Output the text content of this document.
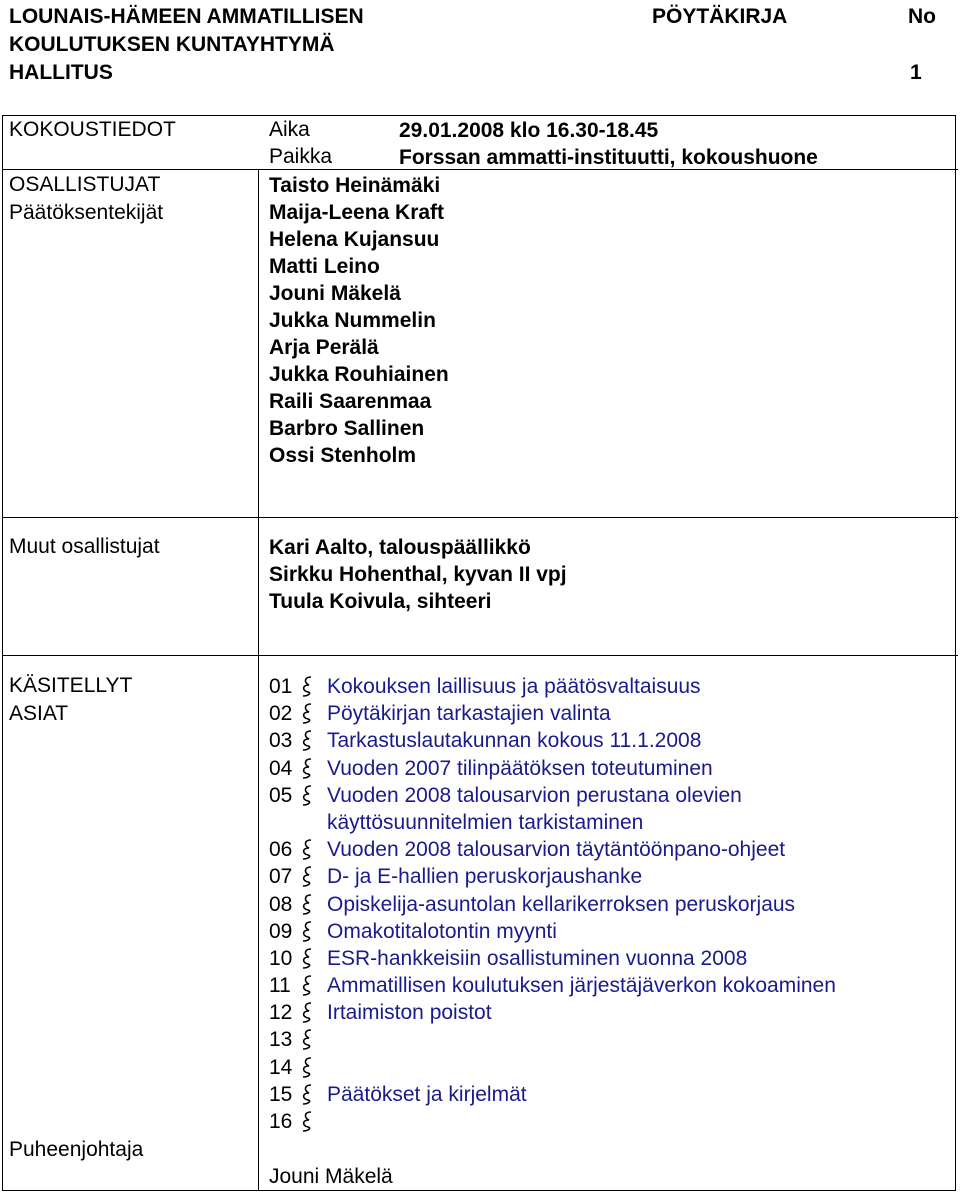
LOUNAIS-HÄMEEN AMMATILLISEN
KOULUTUKSEN KUNTAYHTYMÄ
HALLITUS
PÖYTÄKIRJA	No
1
KOKOUSTIEDOT	Aika	29.01.2008 klo 16.30-18.45
Paikka	Forssan ammatti-instituutti, kokoushuone
OSALLISTUJAT
Päätöksentekijät
Taisto Heinämäki
Maija-Leena Kraft
Helena Kujansuu
Matti Leino
Jouni Mäkelä
Jukka Nummelin
Arja Perälä
Jukka Rouhiainen
Raili Saarenmaa
Barbro Sallinen
Ossi Stenholm
Muut osallistujat	Kari Aalto, talouspäällikkö
Sirkku Hohenthal, kyvan II vpj
Tuula Koivula, sihteeri
KÄSITELLYT
ASIAT
01 Kokouksen laillisuus ja päätösvaltaisuus
02 Pöytäkirjan tarkastajien valinta
03 Tarkastuslautakunnan kokous 11.1.2008
04 Vuoden 2007 tilinpäätöksen toteutuminen
05 Vuoden 2008 talousarvion perustana olevien
käyttösuunnitelmien tarkistaminen
06 Vuoden 2008 talousarvion täytäntöönpano-ohjeet
07 D- ja E-hallien peruskorjaushanke
08 Opiskelija-asuntolan kellarikerroksen peruskorjaus
09 Omakotitalotontin myynti
10 ESR-hankkeisiin osallistuminen vuonna 2008
11 Ammatillisen koulutuksen järjestäjäverkon kokoaminen
12 Irtaimiston poistot
13
14
15 Päätökset ja kirjelmät
16
Puheenjohtaja
Jouni Mäkelä
